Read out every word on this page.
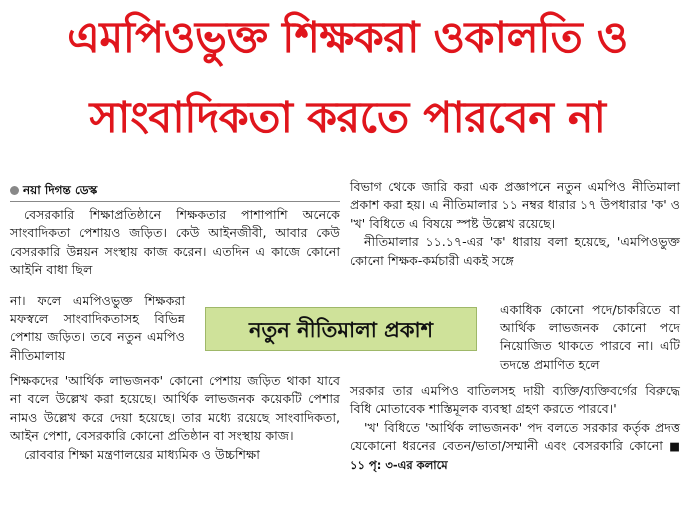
এমপিওভুক্ত শিক্ষকরা ওকালতি ও
সাংবাদিকতা করতে পারবেন না
নয়া দিগন্ত ডেস্ক

বেসরকারি শিক্ষাপ্রতিষ্ঠানে শিক্ষকতার পাশাপাশি অনেকে সাংবাদিকতা পেশায়ও জড়িত। কেউ আইনজীবী, আবার কেউ বেসরকারি উন্নয়ন সংস্থায় কাজ করেন। এতদিন এ কাজে কোনো আইনি বাধা ছিল

না। ফলে এমপিওভুক্ত শিক্ষকরা মফস্বলে সাংবাদিকতাসহ বিভিন্ন পেশায় জড়িত। তবে নতুন এমপিও নীতিমালায়

শিক্ষকদের 'আর্থিক লাভজনক' কোনো পেশায় জড়িত থাকা যাবে না বলে উল্লেখ করা হয়েছে। আর্থিক লাভজনক কয়েকটি পেশার নামও উল্লেখ করে দেয়া হয়েছে। তার মধ্যে রয়েছে সাংবাদিকতা, আইন পেশা, বেসরকারি কোনো প্রতিষ্ঠান বা সংস্থায় কাজ।

রোববার শিক্ষা মন্ত্রণালয়ের মাধ্যমিক ও উচ্চশিক্ষা

নতুন নীতিমালা প্রকাশ

বিভাগ থেকে জারি করা এক প্রজ্ঞাপনে নতুন এমপিও নীতিমালা প্রকাশ করা হয়। এ নীতিমালার ১১ নম্বর ধারার ১৭ উপধারার 'ক' ও 'খ' বিধিতে এ বিষয়ে স্পষ্ট উল্লেখ রয়েছে।

নীতিমালার ১১.১৭-এর 'ক' ধারায় বলা হয়েছে, 'এমপিওভুক্ত কোনো শিক্ষক-কর্মচারী একই সঙ্গে

একাধিক কোনো পদে/চাকরিতে বা আর্থিক লাভজনক কোনো পদে নিয়োজিত থাকতে পারবে না। এটি তদন্তে প্রমাণিত হলে

সরকার তার এমপিও বাতিলসহ দায়ী ব্যক্তি/ব্যক্তিবর্গের বিরুদ্ধে বিধি মোতাবেক শাস্তিমূলক ব্যবস্থা গ্রহণ করতে পারবে।'

'খ' বিধিতে 'আর্থিক লাভজনক' পদ বলতে সরকার কর্তৃক প্রদত্ত যেকোনো ধরনের বেতন/ভাতা/সম্মানী এবং বেসরকারি কোনো ■ ১১ পৃ: ৩-এর কলামে
